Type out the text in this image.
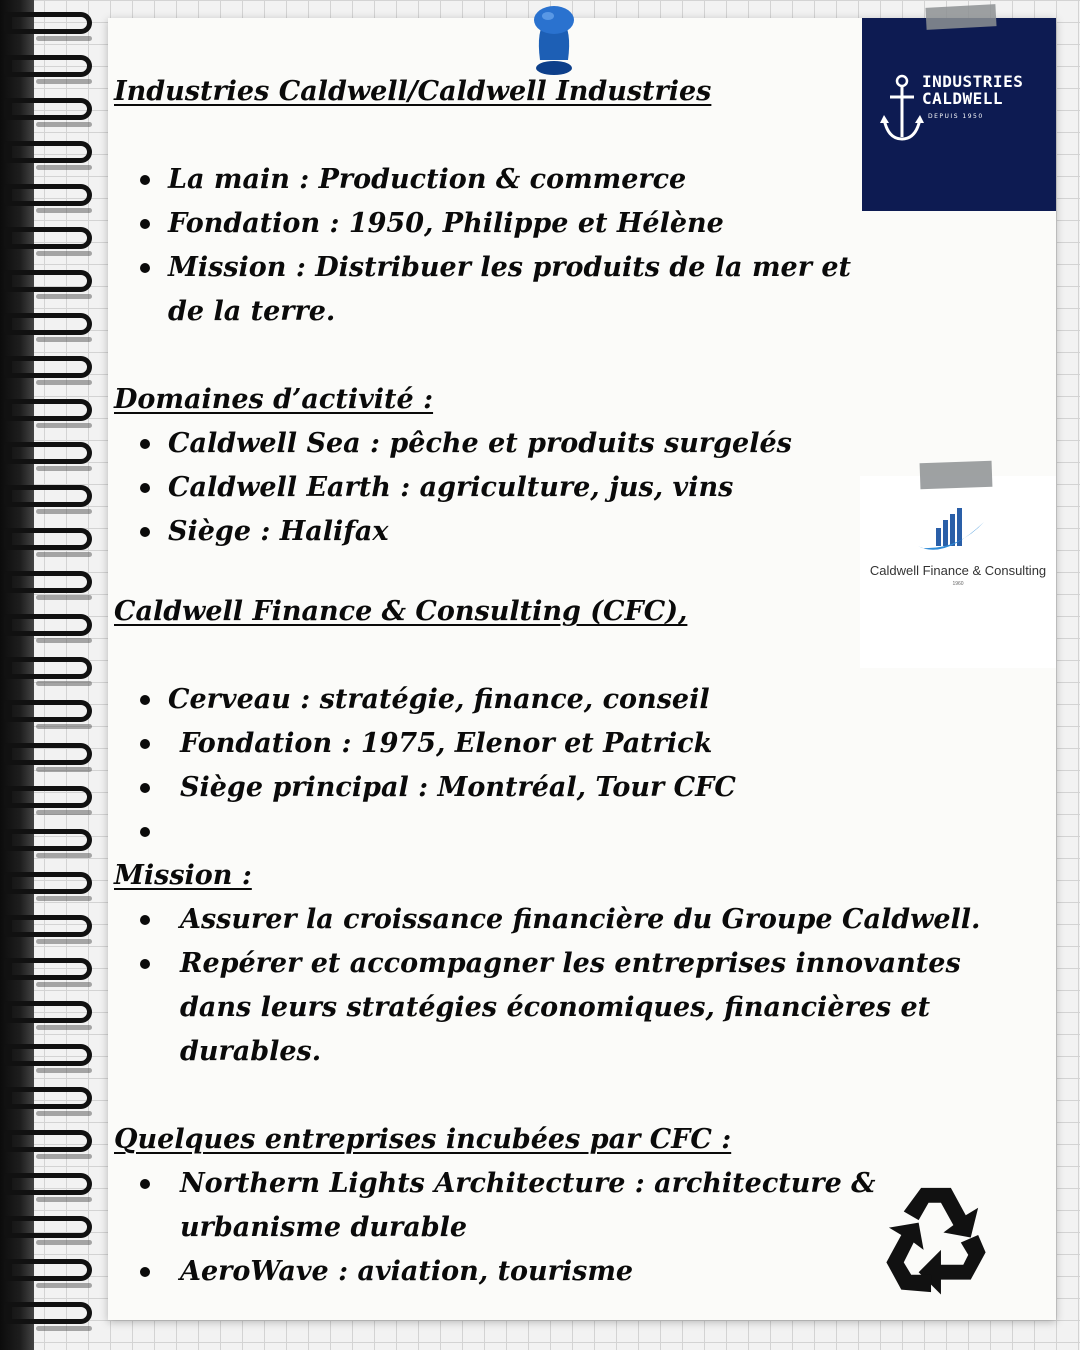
Industries Caldwell/Caldwell Industries
La main : Production & commerce
Fondation : 1950, Philippe et Hélène
Mission : Distribuer les produits de la mer et de la terre.
Domaines d’activité :
Caldwell Sea : pêche et produits surgelés
Caldwell Earth : agriculture, jus, vins
Siège : Halifax
Caldwell Finance & Consulting (CFC),
Cerveau : stratégie, finance, conseil
Fondation : 1975, Elenor et Patrick
Siège principal : Montréal, Tour CFC
Mission :
Assurer la croissance financière du Groupe Caldwell.
Repérer et accompagner les entreprises innovantes dans leurs stratégies économiques, financières et durables.
Quelques entreprises incubées par CFC :
Northern Lights Architecture : architecture & urbanisme durable
AeroWave : aviation, tourisme
INDUSTRIES
CALDWELL
DEPUIS 1950
Caldwell Finance & Consulting
1960
